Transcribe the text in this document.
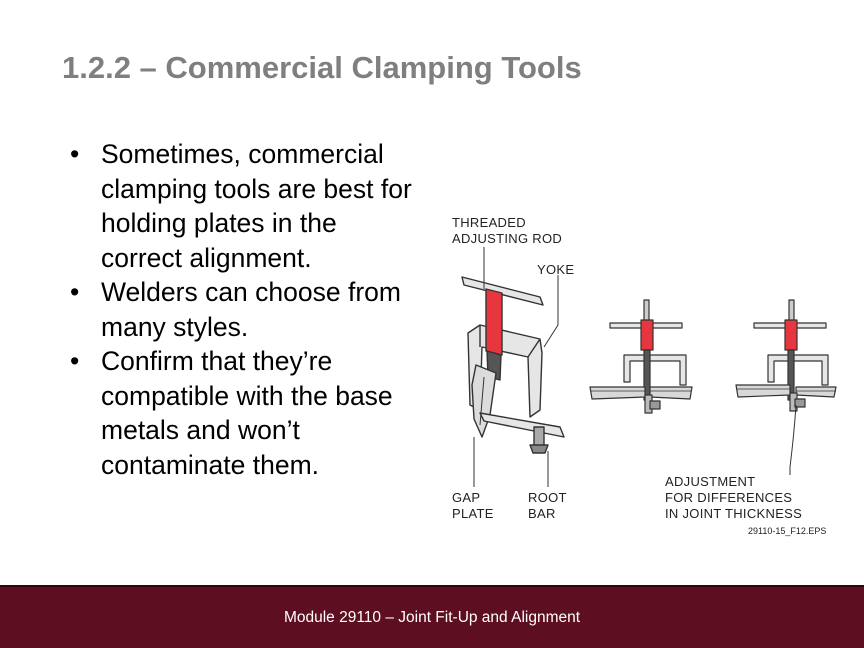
1.2.2 – Commercial Clamping Tools
• Sometimes, commercial
clamping tools are best for
holding plates in the
correct alignment.
• Welders can choose from
many styles.
• Confirm that they’re
compatible with the base
metals and won’t
contaminate them.
THREADED
ADJUSTING ROD
YOKE
GAP
PLATE
ROOT
BAR
ADJUSTMENT
FOR DIFFERENCES
IN JOINT THICKNESS
29110-15_F12.EPS
Module 29110 – Joint Fit-Up and Alignment
